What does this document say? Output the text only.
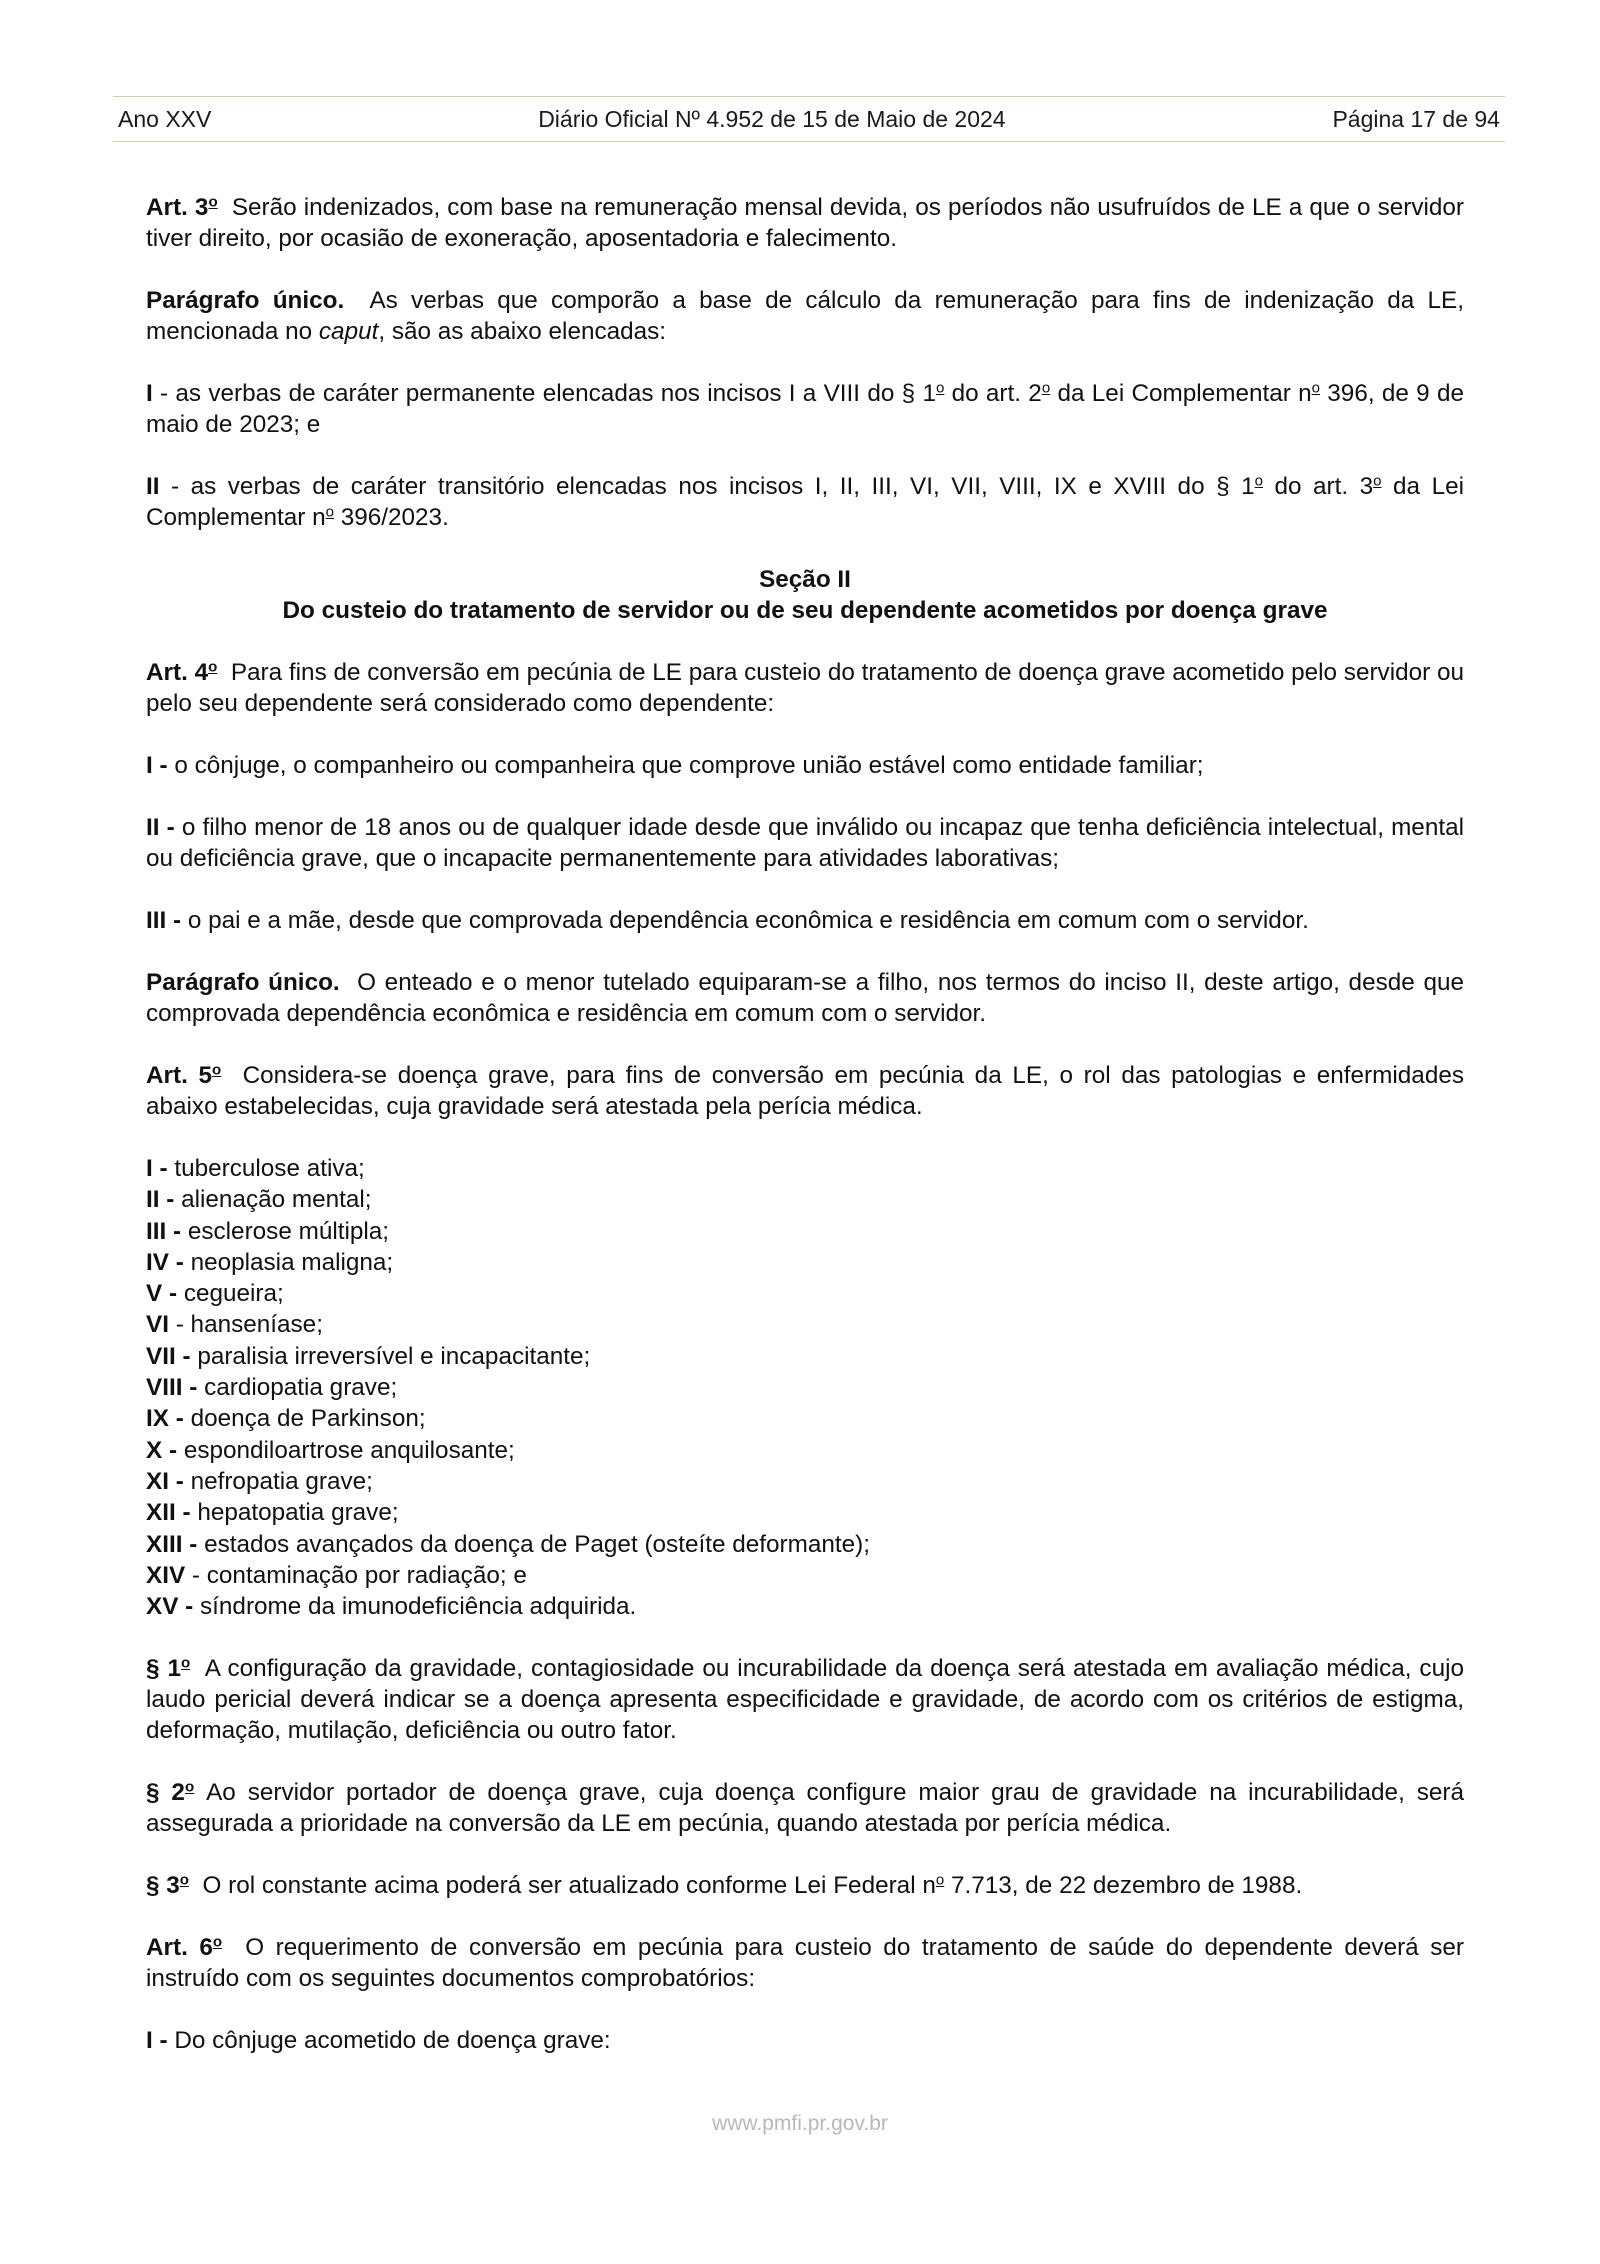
Ano XXV	Diário Oficial Nº 4.952 de 15 de Maio de 2024	Página 17 de 94

Art. 3$^o$ Serão indenizados, com base na remuneração mensal devida, os períodos não usufruídos de LE a que o servidor tiver direito, por ocasião de exoneração, aposentadoria e falecimento.

Parágrafo único. As verbas que comporão a base de cálculo da remuneração para fins de indenização da LE, mencionada no caput, são as abaixo elencadas:

I - as verbas de caráter permanente elencadas nos incisos I a VIII do § 1$^o$ do art. 2$^o$ da Lei Complementar $n^o$ 396, de 9 de maio de 2023; e

II - as verbas de caráter transitório elencadas nos incisos I, II, III, VI, VII, VIII, IX e XVIII do § 1$^o$ do art. 3$^o$ da Lei Complementar $n^o$ 396/2023.

Seção II
Do custeio do tratamento de servidor ou de seu dependente acometidos por doença grave

Art. 4$^o$ Para fins de conversão em pecúnia de LE para custeio do tratamento de doença grave acometido pelo servidor ou pelo seu dependente será considerado como dependente:

I - o cônjuge, o companheiro ou companheira que comprove união estável como entidade familiar;

II - o filho menor de 18 anos ou de qualquer idade desde que inválido ou incapaz que tenha deficiência intelectual, mental ou deficiência grave, que o incapacite permanentemente para atividades laborativas;

III - o pai e a mãe, desde que comprovada dependência econômica e residência em comum com o servidor.

Parágrafo único. O enteado e o menor tutelado equiparam-se a filho, nos termos do inciso II, deste artigo, desde que comprovada dependência econômica e residência em comum com o servidor.

Art. 5$^o$ Considera-se doença grave, para fins de conversão em pecúnia da LE, o rol das patologias e enfermidades abaixo estabelecidas, cuja gravidade será atestada pela perícia médica.

I - tuberculose ativa;
II - alienação mental;
III - esclerose múltipla;
IV - neoplasia maligna;
V - cegueira;
VI - hanseníase;
VII - paralisia irreversível e incapacitante;
VIII - cardiopatia grave;
IX - doença de Parkinson;
X - espondiloartrose anquilosante;
XI - nefropatia grave;
XII - hepatopatia grave;
XIII - estados avançados da doença de Paget (osteíte deformante);
XIV - contaminação por radiação; e
XV - síndrome da imunodeficiência adquirida.

§ 1$^o$ A configuração da gravidade, contagiosidade ou incurabilidade da doença será atestada em avaliação médica, cujo laudo pericial deverá indicar se a doença apresenta especificidade e gravidade, de acordo com os critérios de estigma, deformação, mutilação, deficiência ou outro fator.

§ 2$^o$ Ao servidor portador de doença grave, cuja doença configure maior grau de gravidade na incurabilidade, será assegurada a prioridade na conversão da LE em pecúnia, quando atestada por perícia médica.

§ 3$^o$ O rol constante acima poderá ser atualizado conforme Lei Federal $n^o$ 7.713, de 22 dezembro de 1988.

Art. 6$^o$ O requerimento de conversão em pecúnia para custeio do tratamento de saúde do dependente deverá ser instruído com os seguintes documentos comprobatórios:

I - Do cônjuge acometido de doença grave:

www.pmfi.pr.gov.br
